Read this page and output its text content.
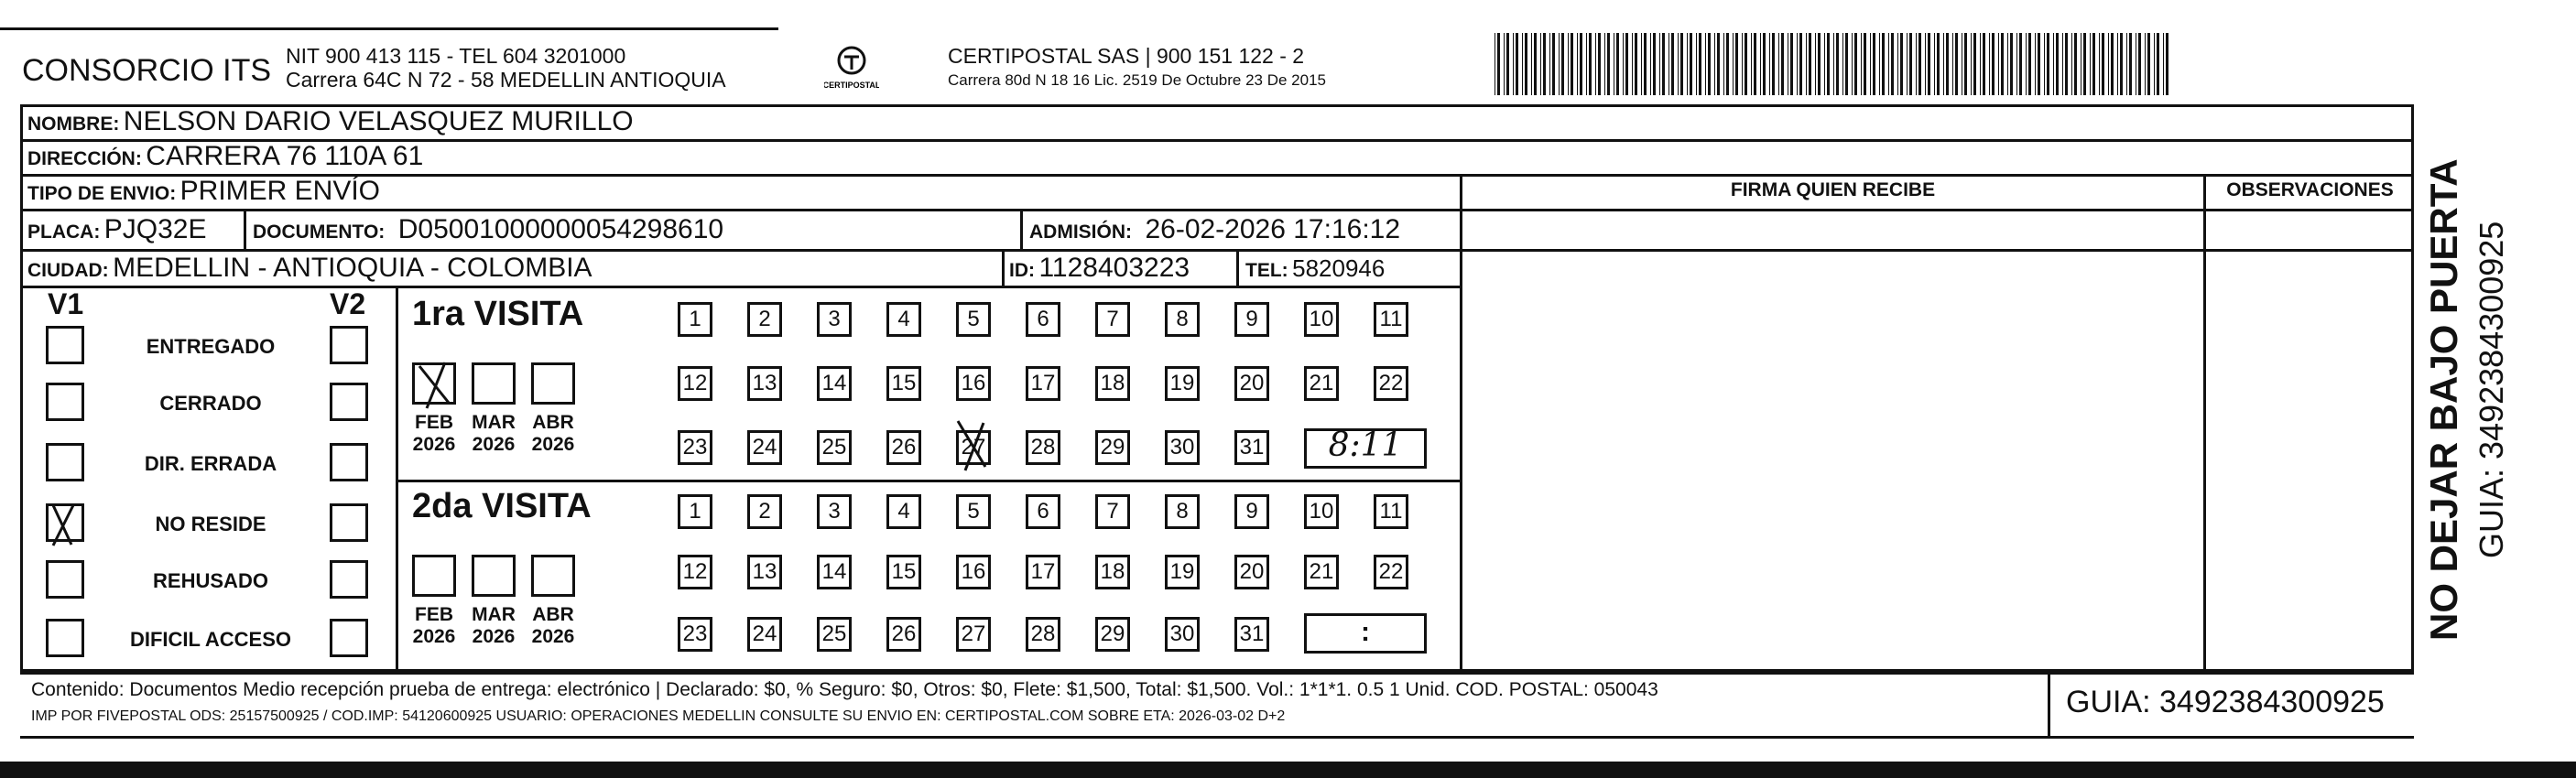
CONSORCIO ITS NIT 900 413 115 - TEL 604 3201000
Carrera 64C N 72 - 58 MEDELLIN ANTIOQUIA	CERTIPOSTAL
CERTIPOSTAL SAS | 900 151 122 - 2
Carrera 80d N 18 16 Lic. 2519 De Octubre 23 De 2015
NOMBRE: NELSON DARIO VELASQUEZ MURILLO
DIRECCIÓN: CARRERA 76 110A 61
TIPO DE ENVIO: PRIMER ENVÍO	FIRMA QUIEN RECIBE	OBSERVACIONES
PLACA: PJQ32E DOCUMENTO: D05001000000054298610	ADMISIÓN: 26-02-2026 17:16:12
CIUDAD: MEDELLIN - ANTIOQUIA - COLOMBIA	ID: 1128403223	TEL: 5820946
V1	V2
ENTREGADO
CERRADO
DIR. ERRADA
NO RESIDE
REHUSADO
DIFICIL ACCESO
1ra VISITA
2da VISITA
FEB
2026
MAR
2026
ABR
2026
FEB
2026
MAR
2026
ABR
2026
1	2	3	4	5	6	7	8	9	10 11
12 13 14 15 16 17 18 19 20 21 22
23 24 25 26 27 28 29 30 31
1	2	3	4	5	6	7	8	9	10 11
12 13 14 15 16 17 18 19 20 21 22
23 24 25 26 27 28 29 30 31
8:11
:
Contenido: Documentos Medio recepción prueba de entrega: electrónico | Declarado: $0, % Seguro: $0, Otros: $0, Flete: $1,500, Total: $1,500. Vol.: 1*1*1. 0.5 1 Unid. COD. POSTAL: 050043
IMP POR FIVEPOSTAL ODS: 25157500925 / COD.IMP: 54120600925 USUARIO: OPERACIONES MEDELLIN CONSULTE SU ENVIO EN: CERTIPOSTAL.COM SOBRE ETA: 2026-03-02 D+2	GUIA: 3492384300925
NO DEJAR BAJO PUERTA GUIA: 3492384300925
